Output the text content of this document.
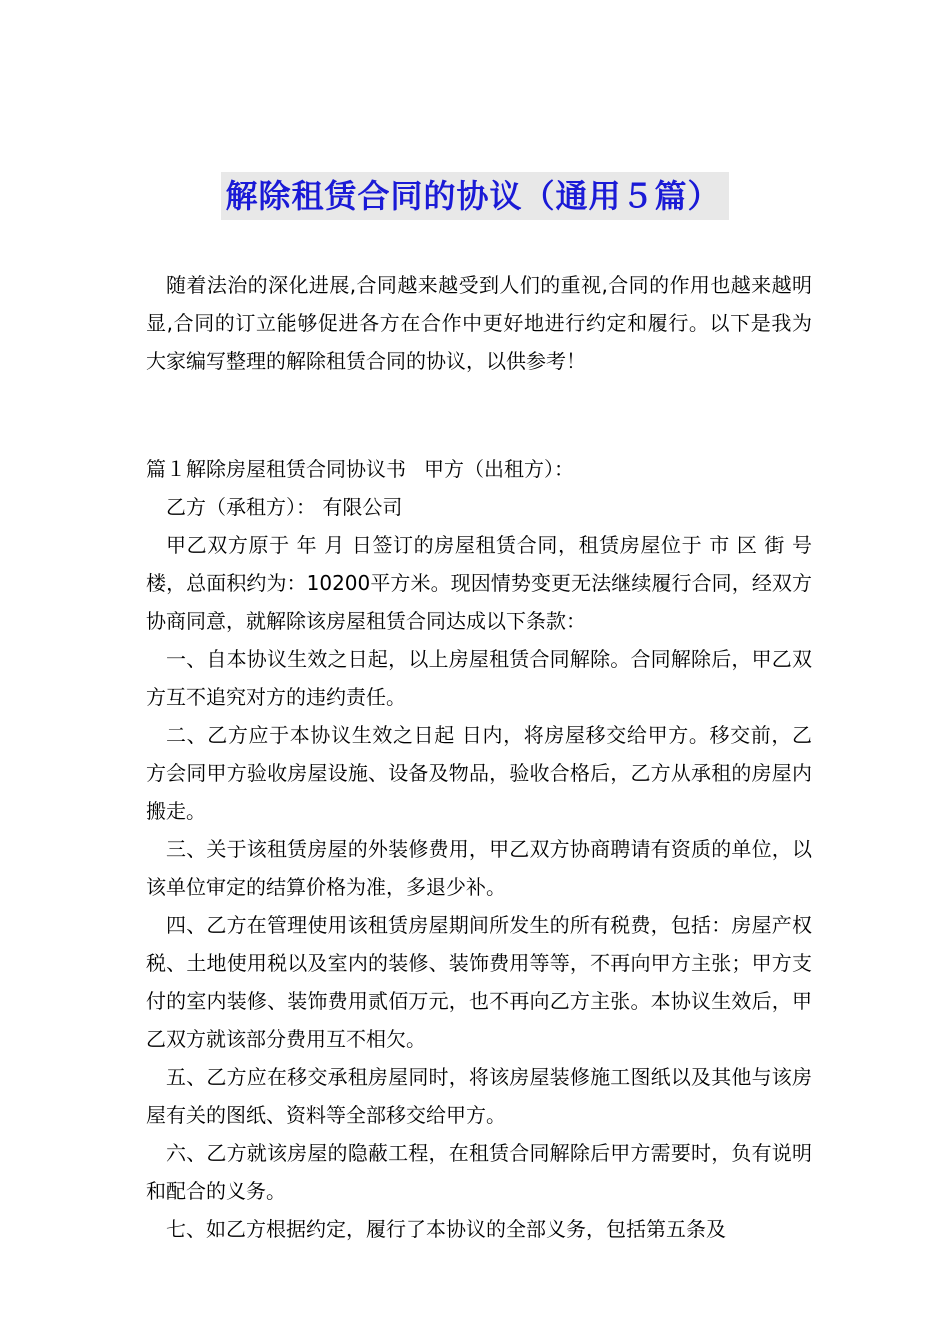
解除租赁合同的协议（通用５篇）

随着法治的深化进展,合同越来越受到人们的重视,合同的作用也越来越明显,合同的订立能够促进各方在合作中更好地进行约定和履行。以下是我为大家编写整理的解除租赁合同的协议，以供参考！

篇１解除房屋租赁合同协议书 甲方（出租方）：

乙方（承租方）： 有限公司

甲乙双方原于 年 月 日签订的房屋租赁合同，租赁房屋位于 市 区 街 号楼，总面积约为：10200平方米。现因情势变更无法继续履行合同，经双方协商同意，就解除该房屋租赁合同达成以下条款：

一、自本协议生效之日起，以上房屋租赁合同解除。合同解除后，甲乙双方互不追究对方的违约责任。

二、乙方应于本协议生效之日起 日内，将房屋移交给甲方。移交前，乙方会同甲方验收房屋设施、设备及物品，验收合格后，乙方从承租的房屋内搬走。

三、关于该租赁房屋的外装修费用，甲乙双方协商聘请有资质的单位，以该单位审定的结算价格为准，多退少补。

四、乙方在管理使用该租赁房屋期间所发生的所有税费，包括：房屋产权税、土地使用税以及室内的装修、装饰费用等等，不再向甲方主张；甲方支付的室内装修、装饰费用贰佰万元，也不再向乙方主张。本协议生效后，甲乙双方就该部分费用互不相欠。

五、乙方应在移交承租房屋同时，将该房屋装修施工图纸以及其他与该房屋有关的图纸、资料等全部移交给甲方。

六、乙方就该房屋的隐蔽工程，在租赁合同解除后甲方需要时，负有说明和配合的义务。

七、如乙方根据约定，履行了本协议的全部义务，包括第五条及
